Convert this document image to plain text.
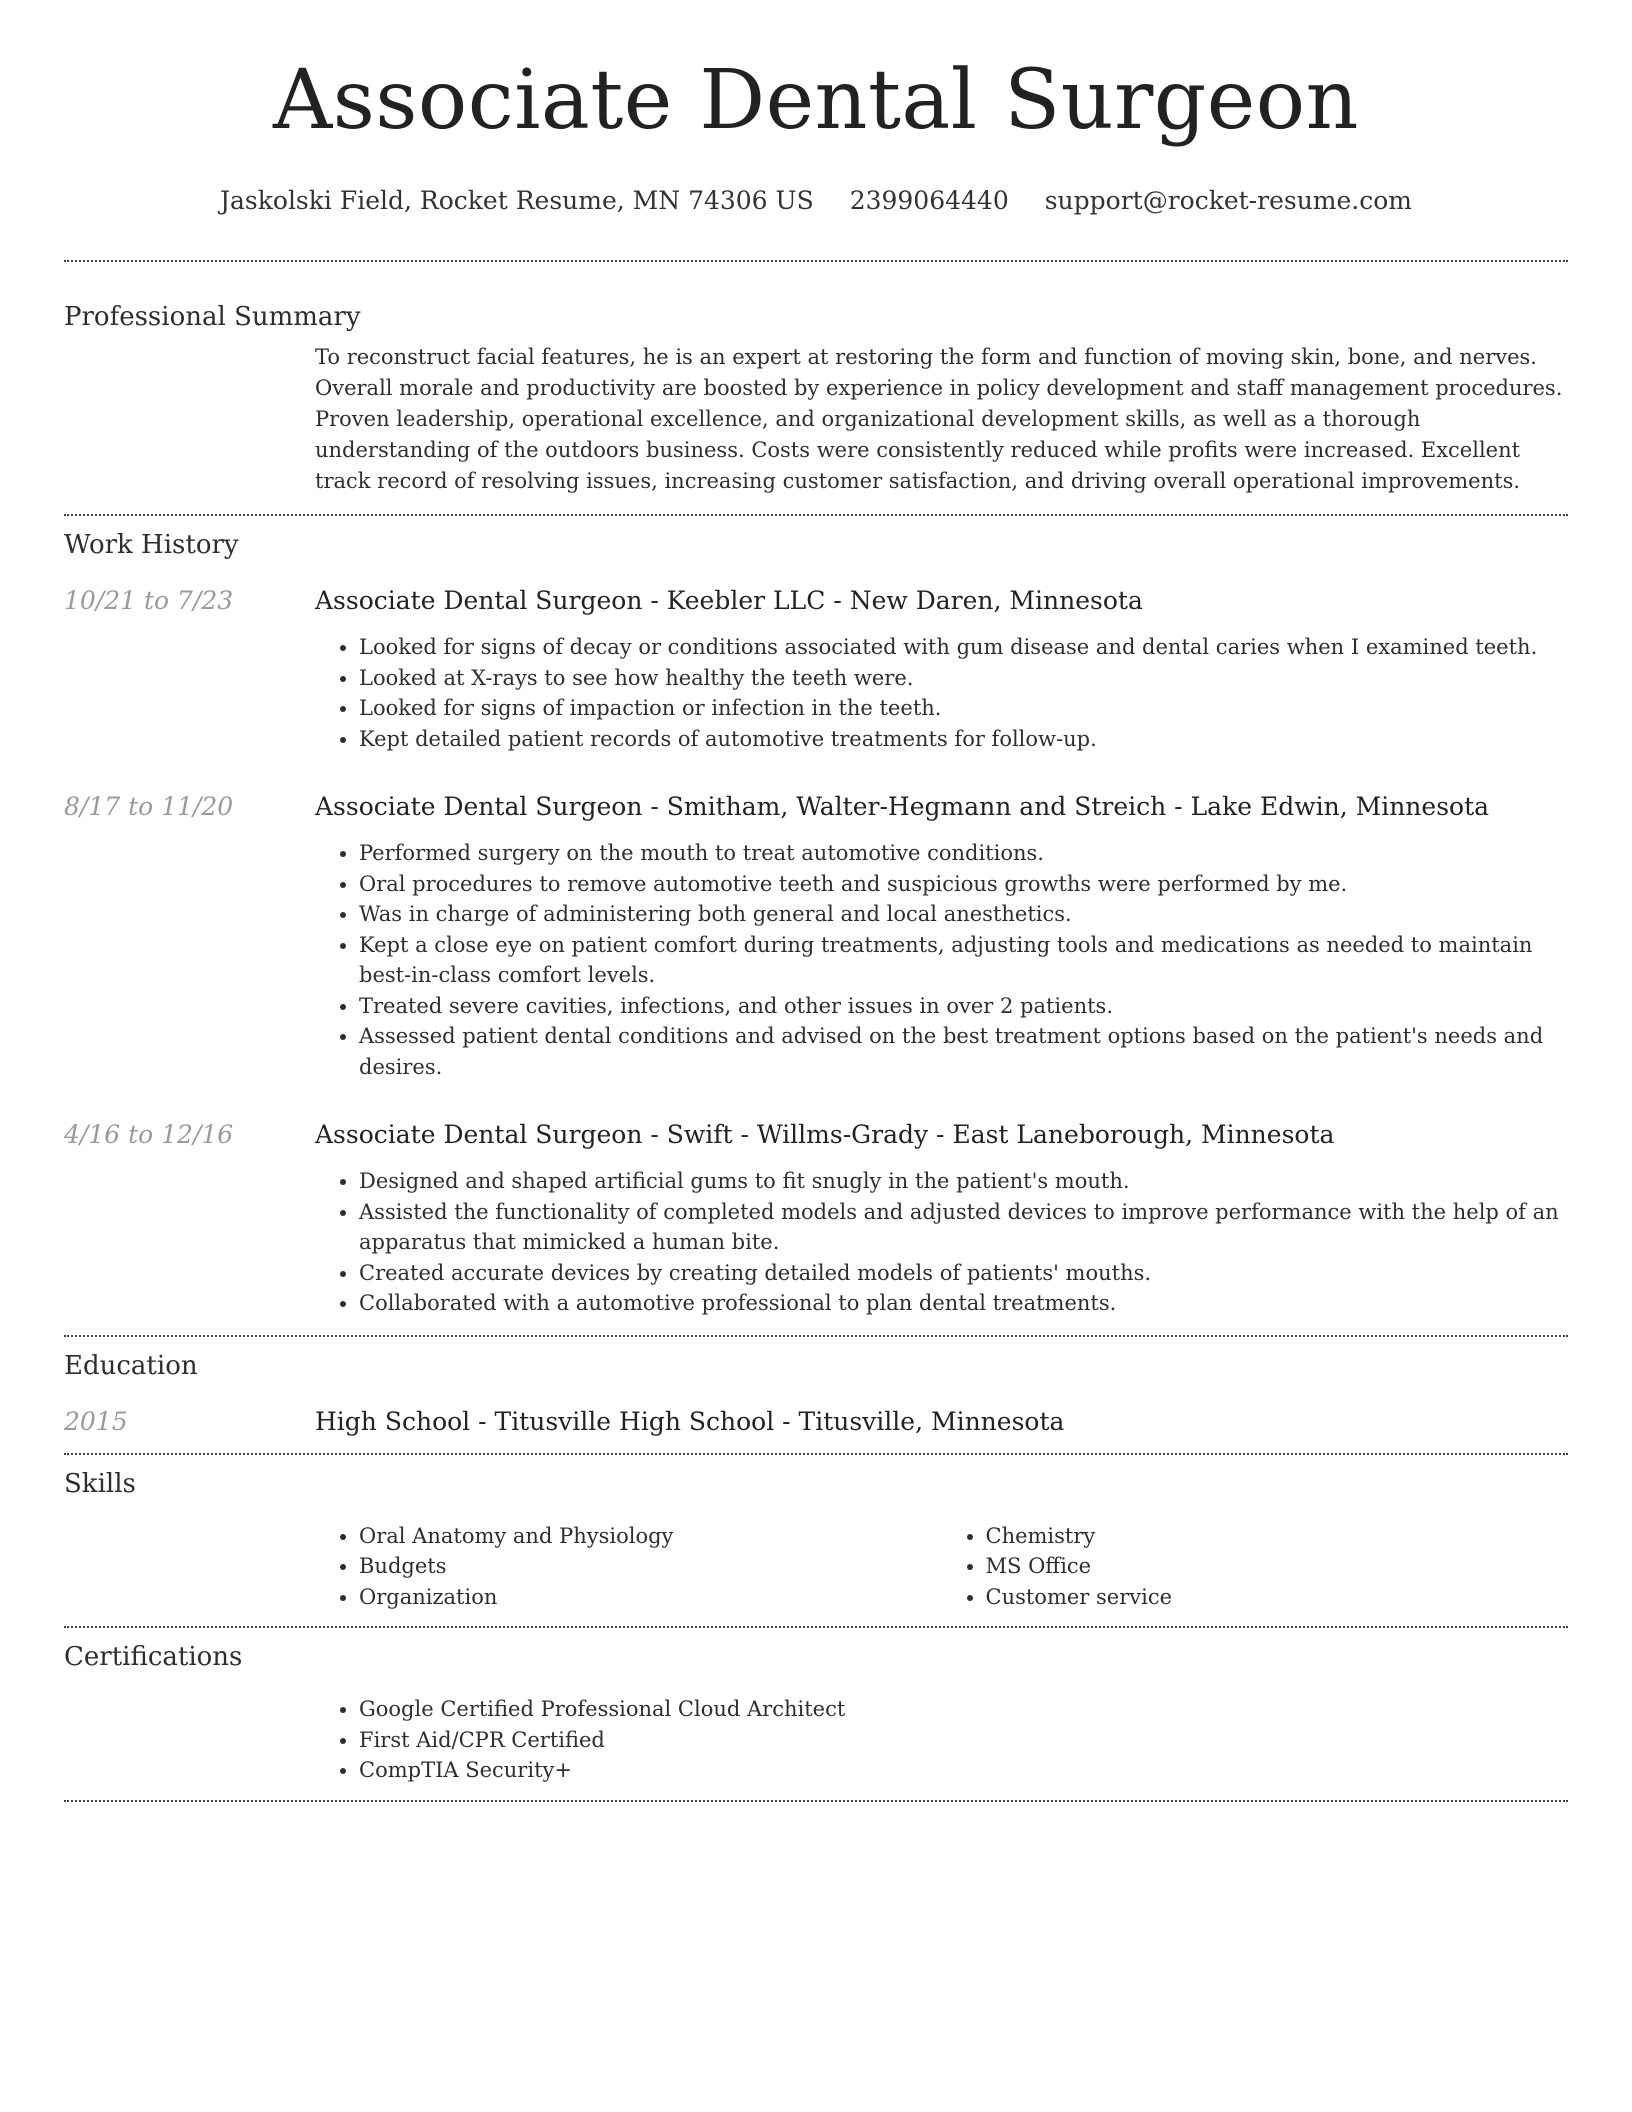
Associate Dental Surgeon
Jaskolski Field, Rocket Resume, MN 74306 US 2399064440 support@rocket-resume.com
Professional Summary
To reconstruct facial features, he is an expert at restoring the form and function of moving skin, bone, and nerves. Overall morale and productivity are boosted by experience in policy development and staff management procedures. Proven leadership, operational excellence, and organizational development skills, as well as a thorough understanding of the outdoors business. Costs were consistently reduced while profits were increased. Excellent track record of resolving issues, increasing customer satisfaction, and driving overall operational improvements.
Work History
10/21 to 7/23	Associate Dental Surgeon - Keebler LLC - New Daren, Minnesota
• Looked for signs of decay or conditions associated with gum disease and dental caries when I examined teeth.
• Looked at X-rays to see how healthy the teeth were.
• Looked for signs of impaction or infection in the teeth.
• Kept detailed patient records of automotive treatments for follow-up.
8/17 to 11/20	Associate Dental Surgeon - Smitham, Walter-Hegmann and Streich - Lake Edwin, Minnesota
• Performed surgery on the mouth to treat automotive conditions.
• Oral procedures to remove automotive teeth and suspicious growths were performed by me.
• Was in charge of administering both general and local anesthetics.
• Kept a close eye on patient comfort during treatments, adjusting tools and medications as needed to maintain best-in-class comfort levels.
• Treated severe cavities, infections, and other issues in over 2 patients.
• Assessed patient dental conditions and advised on the best treatment options based on the patient's needs and desires.
4/16 to 12/16	Associate Dental Surgeon - Swift - Willms-Grady - East Laneborough, Minnesota
• Designed and shaped artificial gums to fit snugly in the patient's mouth.
• Assisted the functionality of completed models and adjusted devices to improve performance with the help of an apparatus that mimicked a human bite.
• Created accurate devices by creating detailed models of patients' mouths.
• Collaborated with a automotive professional to plan dental treatments.
Education
2015	High School - Titusville High School - Titusville, Minnesota
Skills
• Oral Anatomy and Physiology
• Budgets
• Organization
• Chemistry
• MS Office
• Customer service
Certifications
• Google Certified Professional Cloud Architect
• First Aid/CPR Certified
• CompTIA Security+
